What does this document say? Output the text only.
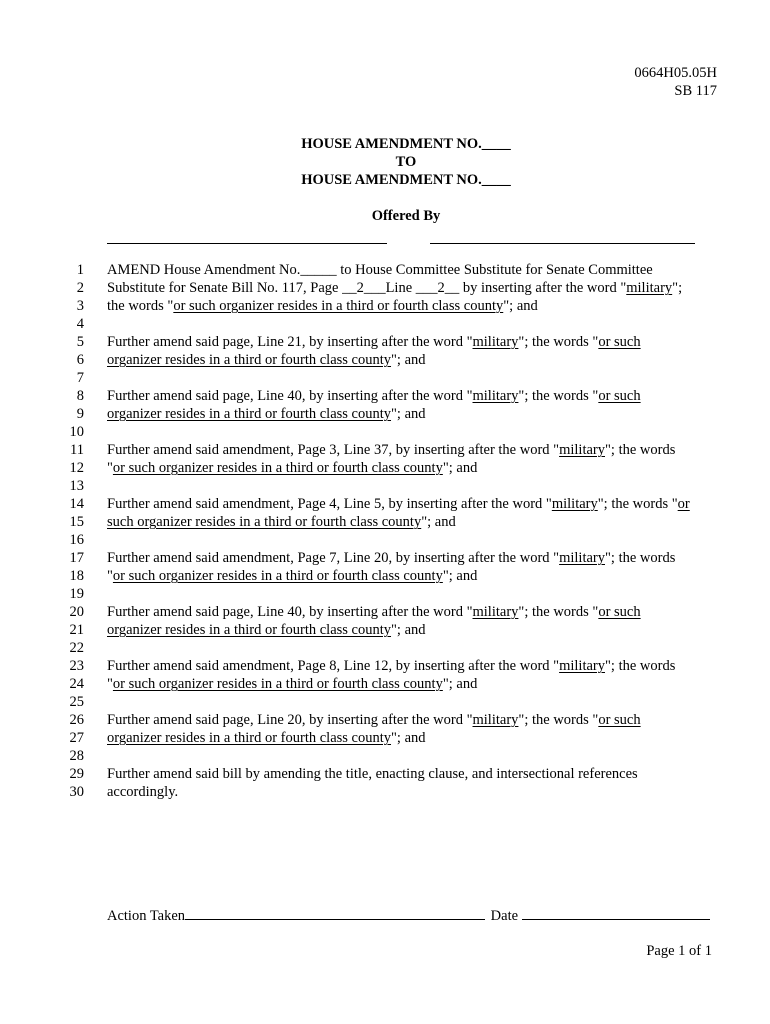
0664H05.05H
SB 117
HOUSE AMENDMENT NO.____
TO
HOUSE AMENDMENT NO.____
Offered By
1 AMEND House Amendment No._____ to House Committee Substitute for Senate Committee
2 Substitute for Senate Bill No. 117, Page __2___Line ___2__ by inserting after the word "military";
3 the words "or such organizer resides in a third or fourth class county"; and
4
5 Further amend said page, Line 21, by inserting after the word "military"; the words "or such
6 organizer resides in a third or fourth class county"; and
7
8 Further amend said page, Line 40, by inserting after the word "military"; the words "or such
9 organizer resides in a third or fourth class county"; and
10
11 Further amend said amendment, Page 3, Line 37, by inserting after the word "military"; the words
12 "or such organizer resides in a third or fourth class county"; and
13
14 Further amend said amendment, Page 4, Line 5, by inserting after the word "military"; the words "or
15 such organizer resides in a third or fourth class county"; and
16
17 Further amend said amendment, Page 7, Line 20, by inserting after the word "military"; the words
18 "or such organizer resides in a third or fourth class county"; and
19
20 Further amend said page, Line 40, by inserting after the word "military"; the words "or such
21 organizer resides in a third or fourth class county"; and
22
23 Further amend said amendment, Page 8, Line 12, by inserting after the word "military"; the words
24 "or such organizer resides in a third or fourth class county"; and
25
26 Further amend said page, Line 20, by inserting after the word "military"; the words "or such
27 organizer resides in a third or fourth class county"; and
28
29 Further amend said bill by amending the title, enacting clause, and intersectional references
30 accordingly.
Action Taken	Date
Page 1 of 1
